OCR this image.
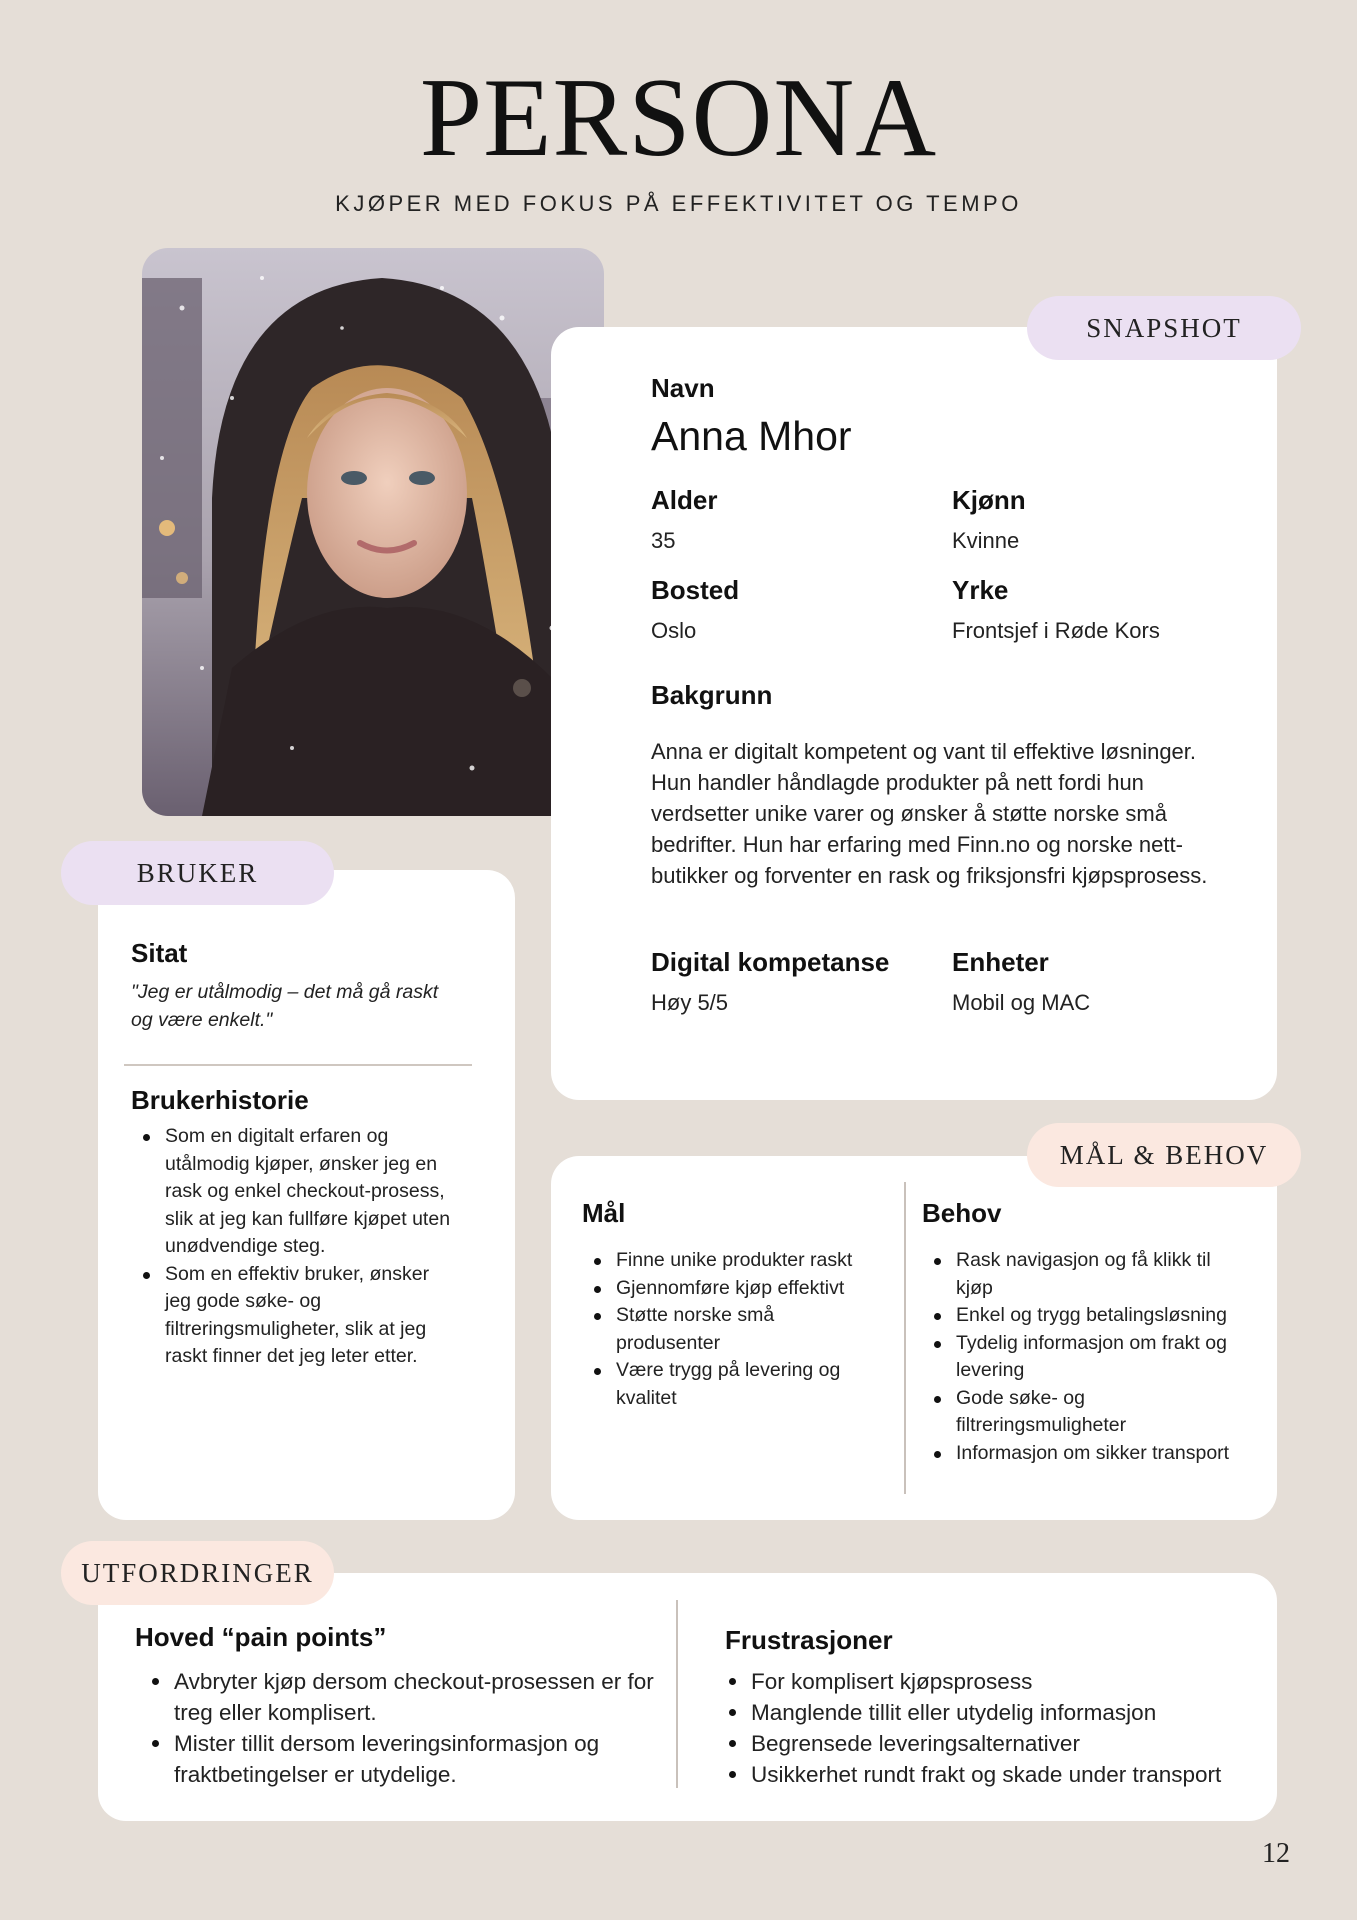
PERSONA
KJØPER MED FOKUS PÅ EFFEKTIVITET OG TEMPO
SNAPSHOT
Navn
Anna Mhor
Alder
35
Kjønn
Kvinne
Bosted
Oslo
Yrke
Frontsjef i Røde Kors
Bakgrunn
Anna er digitalt kompetent og vant til effektive løsninger.
Hun handler håndlagde produkter på nett fordi hun
verdsetter unike varer og ønsker å støtte norske små
bedrifter. Hun har erfaring med Finn.no og norske nett-
butikker og forventer en rask og friksjonsfri kjøpsprosess.
Digital kompetanse
Høy 5/5
Enheter
Mobil og MAC
BRUKER
Sitat
"Jeg er utålmodig – det må gå raskt
og være enkelt."
Brukerhistorie
Som en digitalt erfaren og
utålmodig kjøper, ønsker jeg en
rask og enkel checkout-prosess,
slik at jeg kan fullføre kjøpet uten
unødvendige steg.
Som en effektiv bruker, ønsker
jeg gode søke- og
filtreringsmuligheter, slik at jeg
raskt finner det jeg leter etter.
MÅL & BEHOV
Mål
Finne unike produkter raskt
Gjennomføre kjøp effektivt
Støtte norske små
produsenter
Være trygg på levering og
kvalitet
Behov
Rask navigasjon og få klikk til
kjøp
Enkel og trygg betalingsløsning
Tydelig informasjon om frakt og
levering
Gode søke- og
filtreringsmuligheter
Informasjon om sikker transport
UTFORDRINGER
Hoved “pain points”
Avbryter kjøp dersom checkout-prosessen er for
treg eller komplisert.
Mister tillit dersom leveringsinformasjon og
fraktbetingelser er utydelige.
Frustrasjoner
For komplisert kjøpsprosess
Manglende tillit eller utydelig informasjon
Begrensede leveringsalternativer
Usikkerhet rundt frakt og skade under transport
12
